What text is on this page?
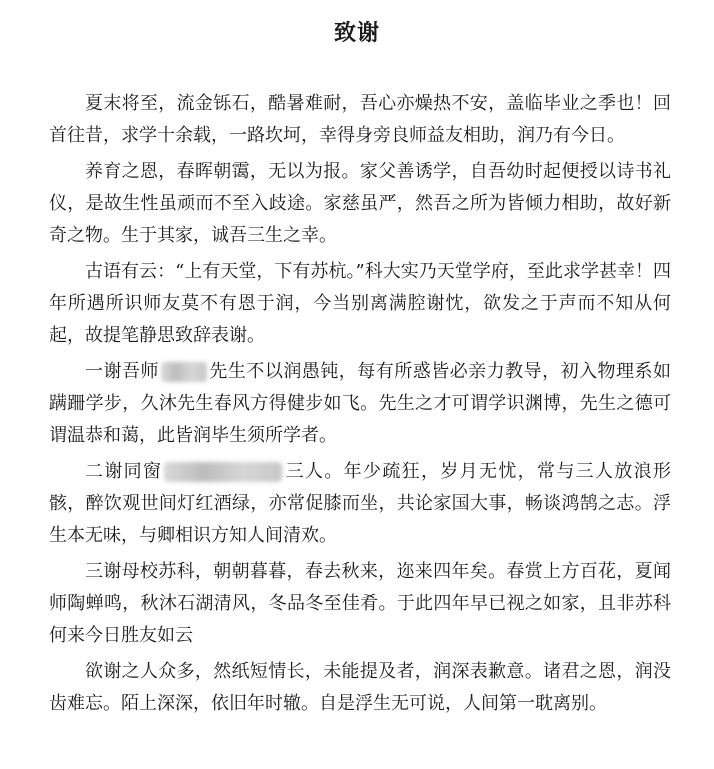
致谢

夏末将至，流金铄石，酷暑难耐，吾心亦燥热不安，盖临毕业之季也！回首往昔，求学十余载，一路坎坷，幸得身旁良师益友相助，润乃有今日。

养育之恩，春晖朝霭，无以为报。家父善诱学，自吾幼时起便授以诗书礼仪，是故生性虽顽而不至入歧途。家慈虽严，然吾之所为皆倾力相助，故好新奇之物。生于其家，诚吾三生之幸。

古语有云：“上有天堂，下有苏杭。”科大实乃天堂学府，至此求学甚幸！四年所遇所识师友莫不有恩于润，今当别离满腔谢忱，欲发之于声而不知从何起，故提笔静思致辞表谢。

一谢吾师	先生不以润愚钝，每有所惑皆必亲力教导，初入物理系如蹒跚学步，久沐先生春风方得健步如飞。先生之才可谓学识渊博，先生之德可谓温恭和蔼，此皆润毕生须所学者。

二谢同窗	三人。年少疏狂，岁月无忧，常与三人放浪形骸，醉饮观世间灯红酒绿，亦常促膝而坐，共论家国大事，畅谈鸿鹄之志。浮生本无味，与卿相识方知人间清欢。

三谢母校苏科，朝朝暮暮，春去秋来，迩来四年矣。春赏上方百花，夏闻师陶蝉鸣，秋沐石湖清风，冬品冬至佳肴。于此四年早已视之如家，且非苏科何来今日胜友如云

欲谢之人众多，然纸短情长，未能提及者，润深表歉意。诸君之恩，润没齿难忘。陌上深深，依旧年时辙。自是浮生无可说，人间第一耽离别。
